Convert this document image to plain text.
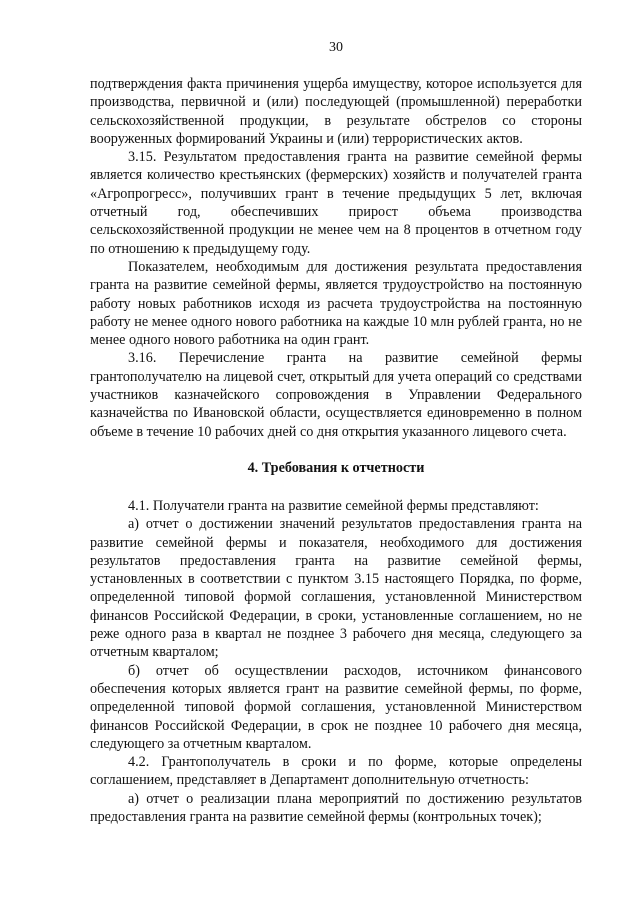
30

подтверждения факта причинения ущерба имуществу, которое используется для производства, первичной и (или) последующей (промышленной) переработки сельскохозяйственной продукции, в результате обстрелов со стороны вооруженных формирований Украины и (или) террористических актов.

3.15. Результатом предоставления гранта на развитие семейной фермы является количество крестьянских (фермерских) хозяйств и получателей гранта «Агропрогресс», получивших грант в течение предыдущих 5 лет, включая отчетный год, обеспечивших прирост объема производства сельскохозяйственной продукции не менее чем на 8 процентов в отчетном году по отношению к предыдущему году.

Показателем, необходимым для достижения результата предоставления гранта на развитие семейной фермы, является трудоустройство на постоянную работу новых работников исходя из расчета трудоустройства на постоянную работу не менее одного нового работника на каждые 10 млн рублей гранта, но не менее одного нового работника на один грант.

3.16. Перечисление гранта на развитие семейной фермы грантополучателю на лицевой счет, открытый для учета операций со средствами участников казначейского сопровождения в Управлении Федерального казначейства по Ивановской области, осуществляется единовременно в полном объеме в течение 10 рабочих дней со дня открытия указанного лицевого счета.

4. Требования к отчетности

4.1. Получатели гранта на развитие семейной фермы представляют:

а) отчет о достижении значений результатов предоставления гранта на развитие семейной фермы и показателя, необходимого для достижения результатов предоставления гранта на развитие семейной фермы, установленных в соответствии с пунктом 3.15 настоящего Порядка, по форме, определенной типовой формой соглашения, установленной Министерством финансов Российской Федерации, в сроки, установленные соглашением, но не реже одного раза в квартал не позднее 3 рабочего дня месяца, следующего за отчетным кварталом;

б) отчет об осуществлении расходов, источником финансового обеспечения которых является грант на развитие семейной фермы, по форме, определенной типовой формой соглашения, установленной Министерством финансов Российской Федерации, в срок не позднее 10 рабочего дня месяца, следующего за отчетным кварталом.

4.2. Грантополучатель в сроки и по форме, которые определены соглашением, представляет в Департамент дополнительную отчетность:

а) отчет о реализации плана мероприятий по достижению результатов предоставления гранта на развитие семейной фермы (контрольных точек);
